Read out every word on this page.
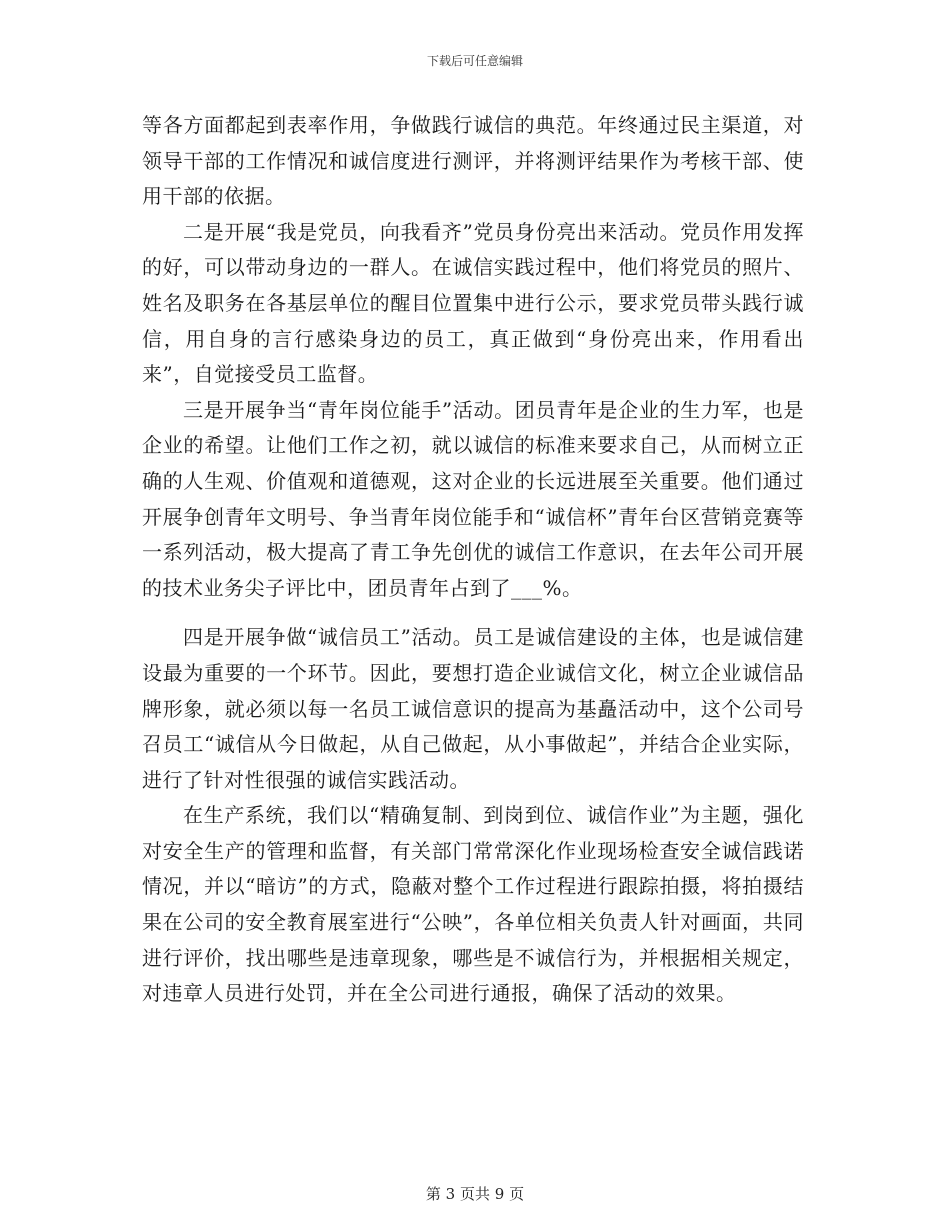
下载后可任意编辑

等各方面都起到表率作用，争做践行诚信的典范。年终通过民主渠道，对领导干部的工作情况和诚信度进行测评，并将测评结果作为考核干部、使用干部的依据。

二是开展“我是党员，向我看齐”党员身份亮出来活动。党员作用发挥的好，可以带动身边的一群人。在诚信实践过程中，他们将党员的照片、姓名及职务在各基层单位的醒目位置集中进行公示，要求党员带头践行诚信，用自身的言行感染身边的员工，真正做到“身份亮出来，作用看出来”，自觉接受员工监督。

三是开展争当“青年岗位能手”活动。团员青年是企业的生力军，也是企业的希望。让他们工作之初，就以诚信的标准来要求自己，从而树立正确的人生观、价值观和道德观，这对企业的长远进展至关重要。他们通过开展争创青年文明号、争当青年岗位能手和“诚信杯”青年台区营销竞赛等一系列活动，极大提高了青工争先创优的诚信工作意识，在去年公司开展的技术业务尖子评比中，团员青年占到了___%。

四是开展争做“诚信员工”活动。员工是诚信建设的主体，也是诚信建设最为重要的一个环节。因此，要想打造企业诚信文化，树立企业诚信品牌形象，就必须以每一名员工诚信意识的提高为基矗活动中，这个公司号召员工“诚信从今日做起，从自己做起，从小事做起”，并结合企业实际，进行了针对性很强的诚信实践活动。

在生产系统，我们以“精确复制、到岗到位、诚信作业”为主题，强化对安全生产的管理和监督，有关部门常常深化作业现场检查安全诚信践诺情况，并以“暗访”的方式，隐蔽对整个工作过程进行跟踪拍摄，将拍摄结果在公司的安全教育展室进行“公映”，各单位相关负责人针对画面，共同进行评价，找出哪些是违章现象，哪些是不诚信行为，并根据相关规定，对违章人员进行处罚，并在全公司进行通报，确保了活动的效果。

第 3 页共 9 页
